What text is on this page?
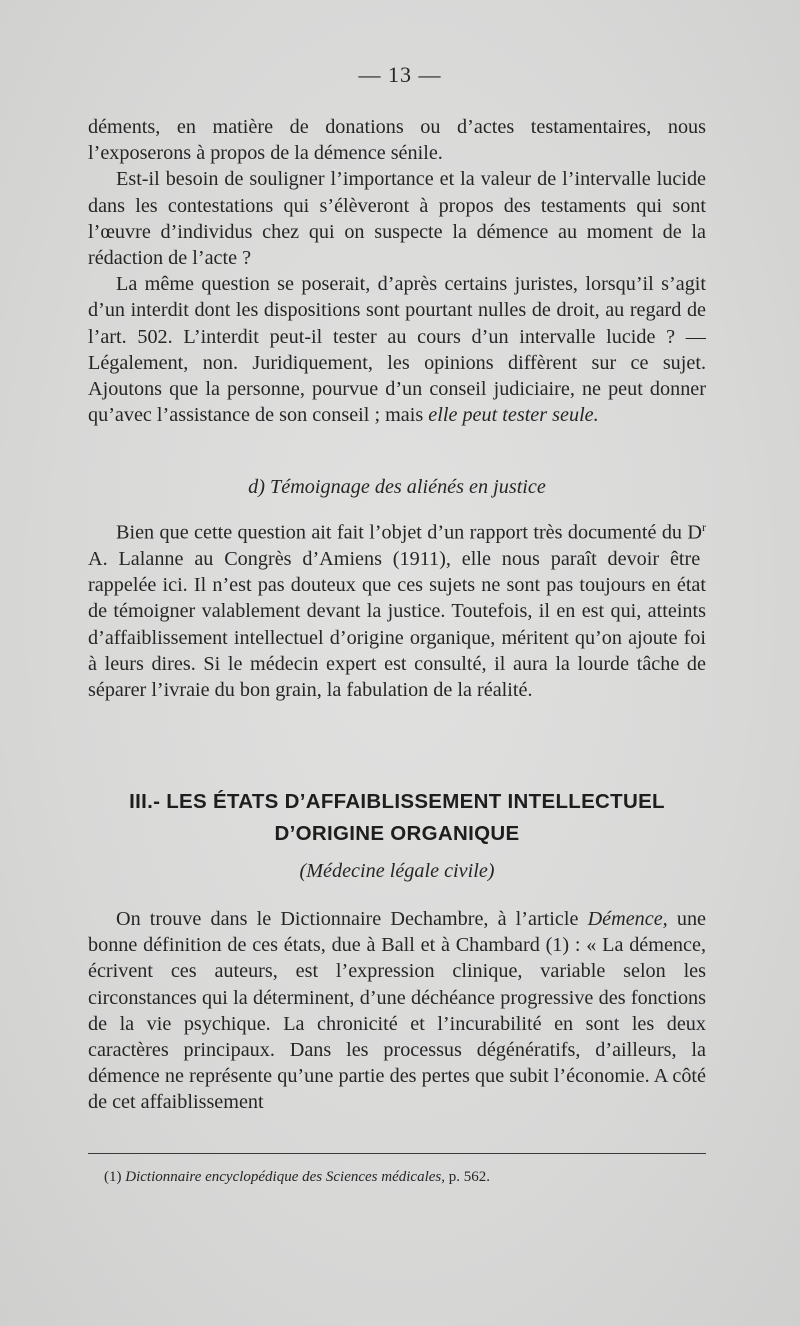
— 13 —

déments, en matière de donations ou d’actes testamentaires, nous l’exposerons à propos de la démence sénile.

Est-il besoin de souligner l’importance et la valeur de l’intervalle lucide dans les contestations qui s’élèveront à propos des testaments qui sont l’œuvre d’individus chez qui on suspecte la démence au moment de la rédaction de l’acte ?

La même question se poserait, d’après certains juristes, lorsqu’il s’agit d’un interdit dont les dispositions sont pourtant nulles de droit, au regard de l’art. 502. L’interdit peut-il tester au cours d’un intervalle lucide ? — Légalement, non. Juridiquement, les opinions diffèrent sur ce sujet. Ajoutons que la personne, pourvue d’un conseil judiciaire, ne peut donner qu’avec l’assistance de son conseil ; mais elle peut tester seule.

d) Témoignage des aliénés en justice

Bien que cette question ait fait l’objet d’un rapport très documenté du $D^r$ A. Lalanne au Congrès d’Amiens (1911), elle nous paraît devoir être rappelée ici. Il n’est pas douteux que ces sujets ne sont pas toujours en état de témoigner valablement devant la justice. Toutefois, il en est qui, atteints d’affaiblissement intellectuel d’origine organique, méritent qu’on ajoute foi à leurs dires. Si le médecin expert est consulté, il aura la lourde tâche de séparer l’ivraie du bon grain, la fabulation de la réalité.

III.- LES ÉTATS D’AFFAIBLISSEMENT INTELLECTUEL
D’ORIGINE ORGANIQUE
(Médecine légale civile)

On trouve dans le Dictionnaire Dechambre, à l’article Démence, une bonne définition de ces états, due à Ball et à Chambard (1) : « La démence, écrivent ces auteurs, est l’expression clinique, variable selon les circonstances qui la déterminent, d’une déchéance progressive des fonctions de la vie psychique. La chronicité et l’incurabilité en sont les deux caractères principaux. Dans les processus dégénératifs, d’ailleurs, la démence ne représente qu’une partie des pertes que subit l’économie. A côté de cet affaiblissement

(1) Dictionnaire encyclopédique des Sciences médicales, p. 562.
